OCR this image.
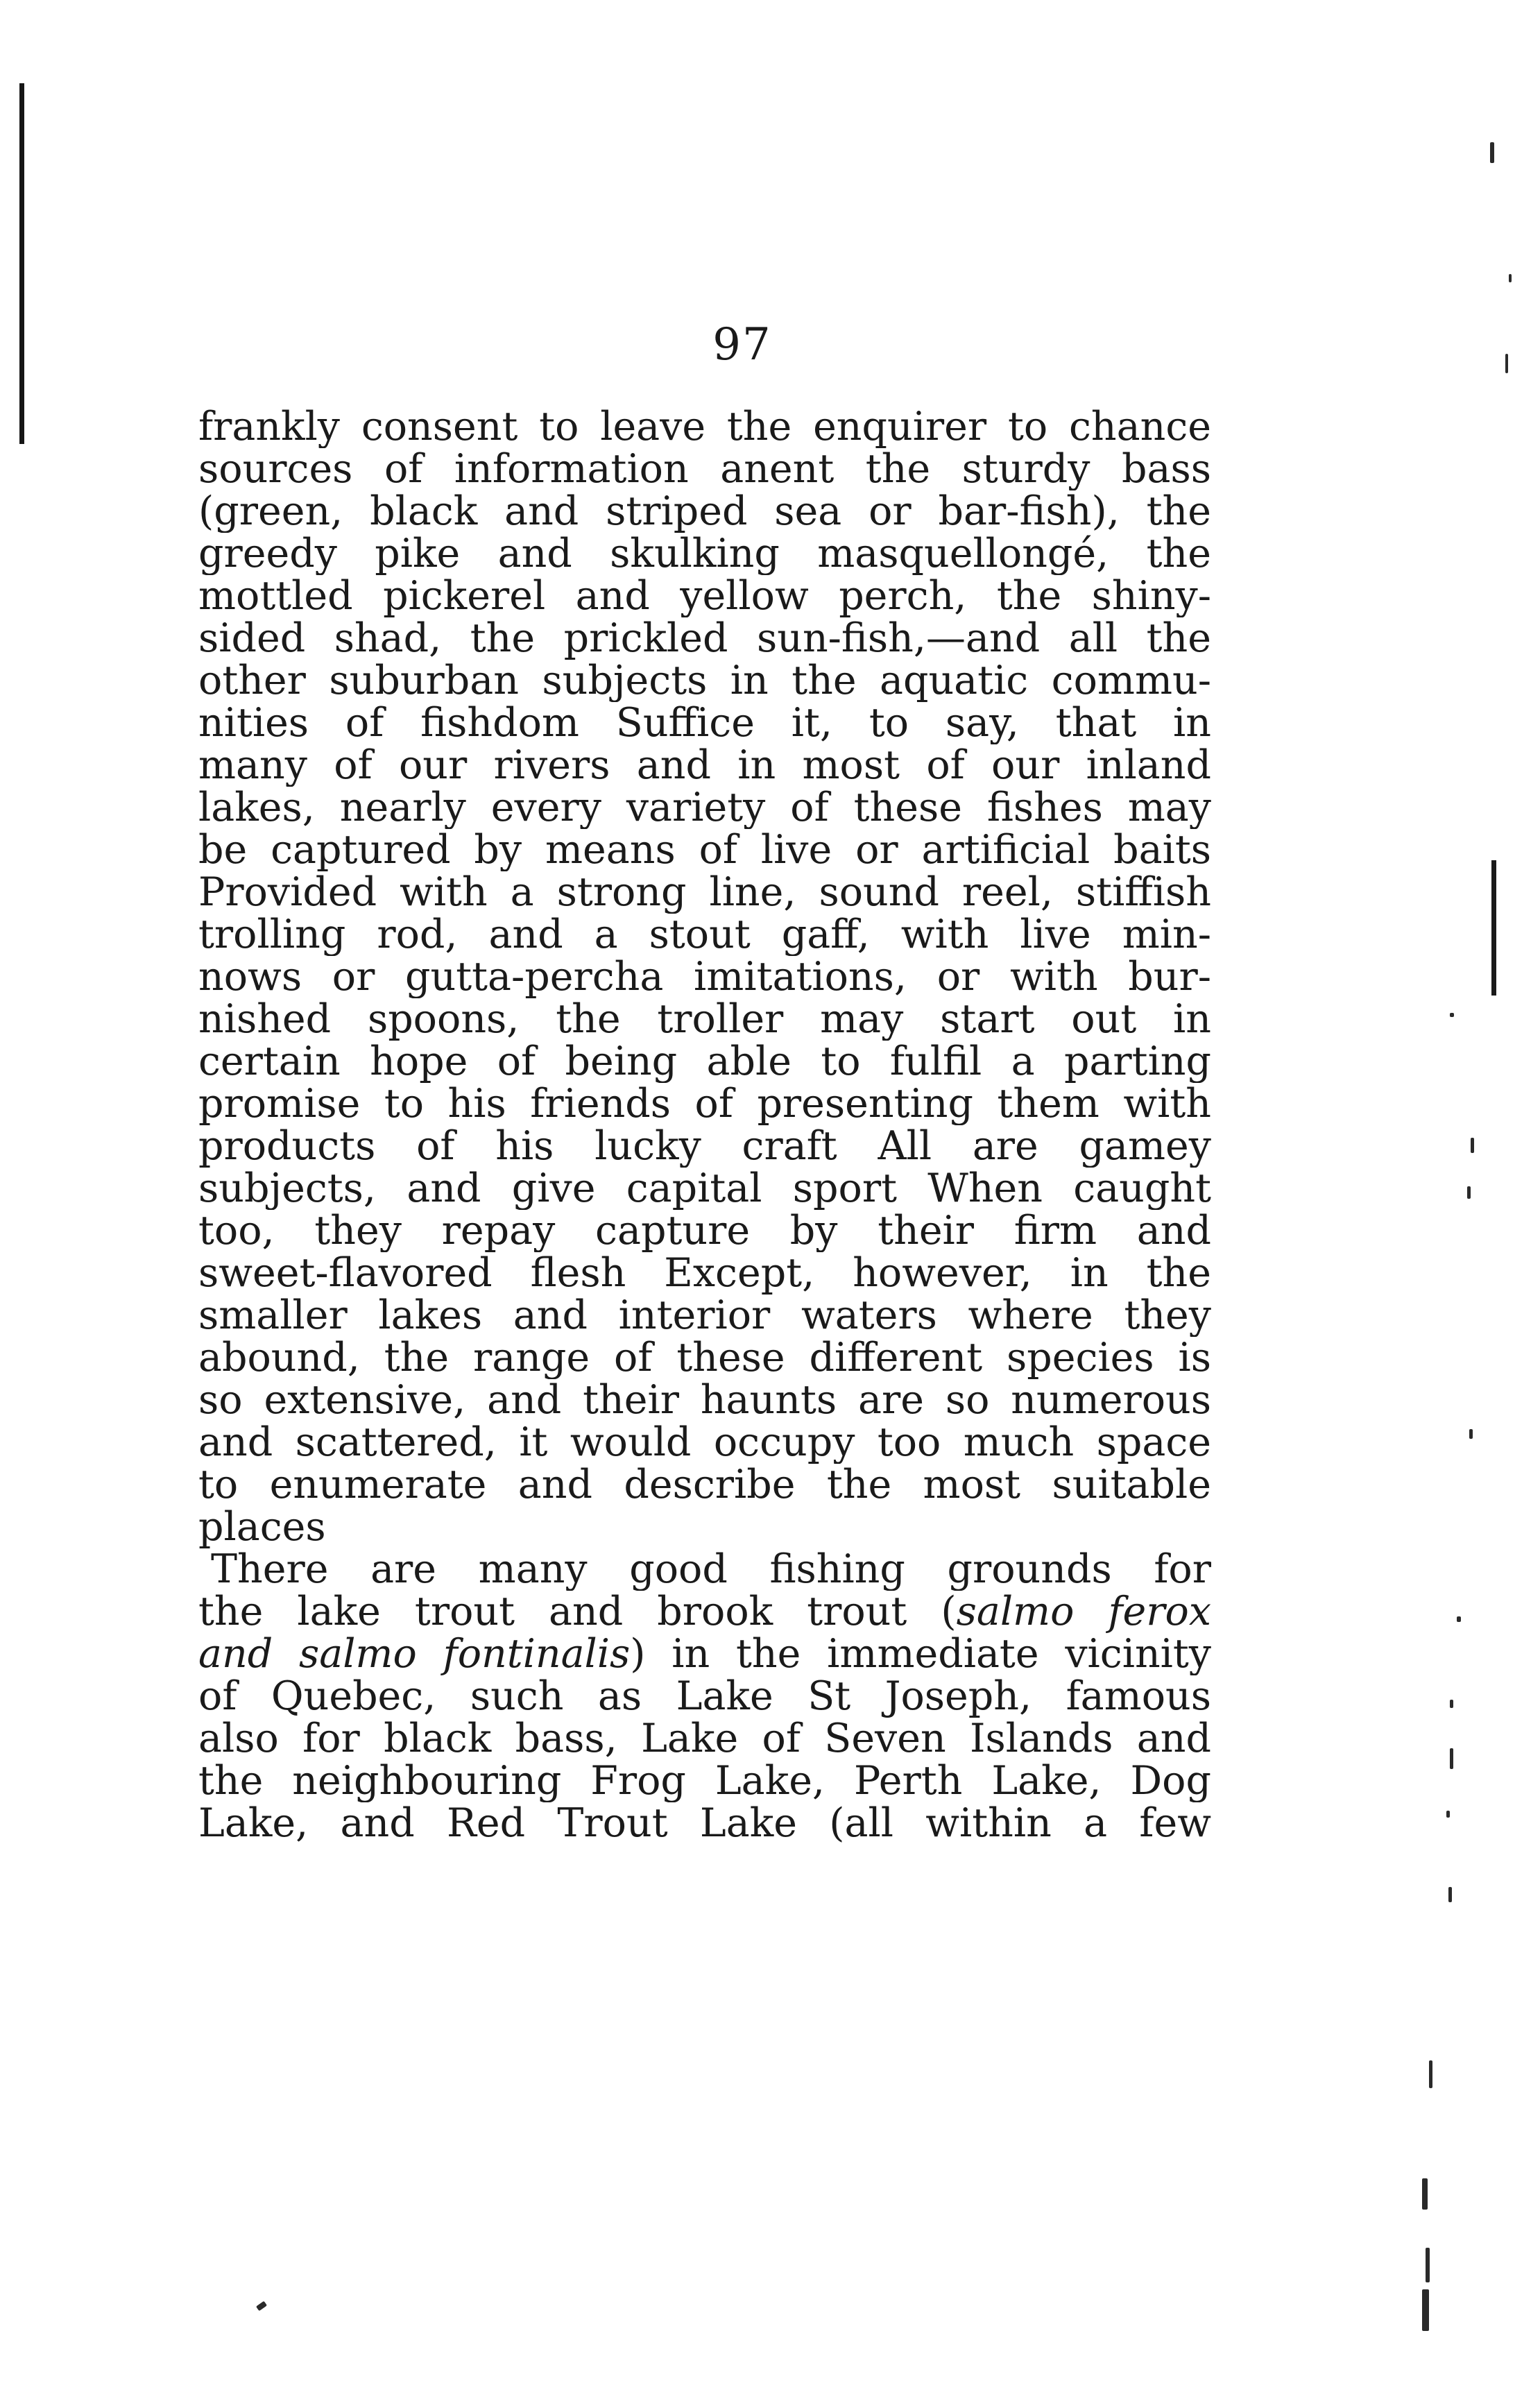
97
frankly consent to leave the enquirer to chance
sources of information anent the sturdy bass
(green, black and striped sea or bar-fish), the
greedy pike and skulking masquellongé, the
mottled pickerel and yellow perch, the shiny-
sided shad, the prickled sun-fish,—and all the
other suburban subjects in the aquatic commu-
nities of fishdom Suffice it, to say, that in
many of our rivers and in most of our inland
lakes, nearly every variety of these fishes may
be captured by means of live or artificial baits
Provided with a strong line, sound reel, stiffish
trolling rod, and a stout gaff, with live min-
nows or gutta-percha imitations, or with bur-
nished spoons, the troller may start out in
certain hope of being able to fulfil a parting
promise to his friends of presenting them with
products of his lucky craft All are gamey
subjects, and give capital sport When caught
too, they repay capture by their firm and
sweet-flavored flesh Except, however, in the
smaller lakes and interior waters where they
abound, the range of these different species is
so extensive, and their haunts are so numerous
and scattered, it would occupy too much space
to enumerate and describe the most suitable
places
There are many good fishing grounds for
the lake trout and brook trout (salmo ferox
and salmo fontinalis) in the immediate vicinity
of Quebec, such as Lake St Joseph, famous
also for black bass, Lake of Seven Islands and
the neighbouring Frog Lake, Perth Lake, Dog
Lake, and Red Trout Lake (all within a few
